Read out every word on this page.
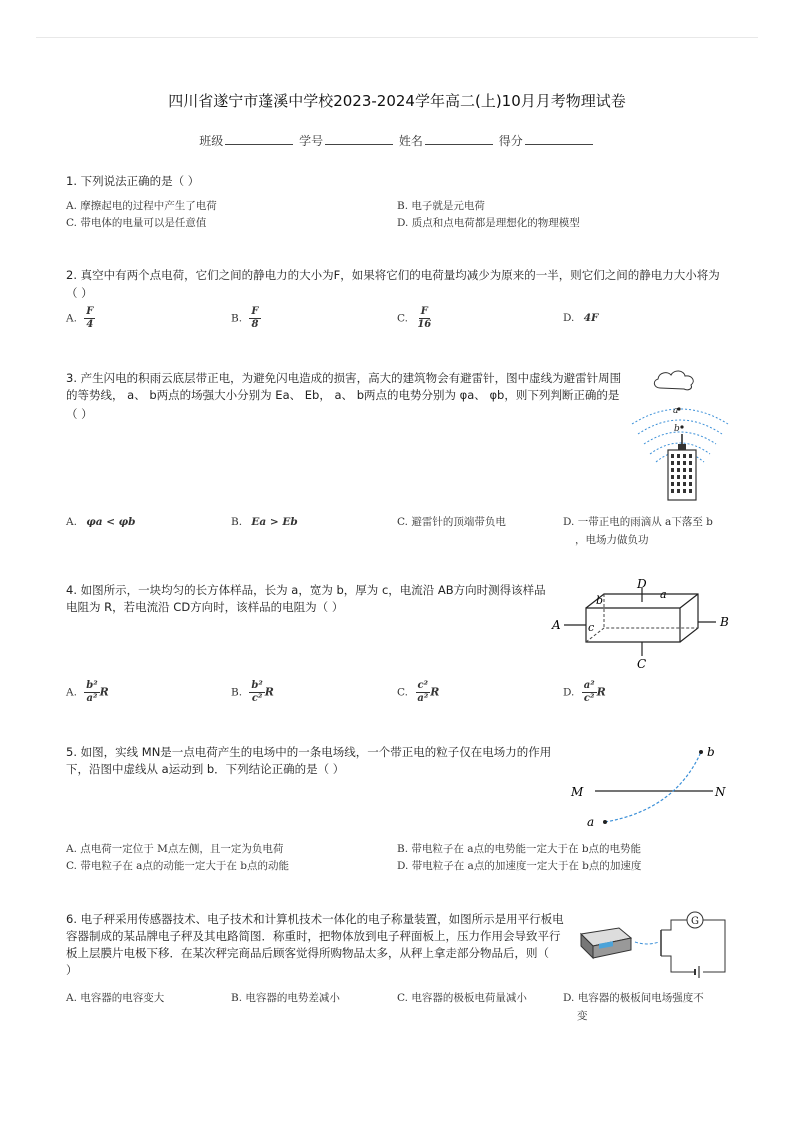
四川省遂宁市蓬溪中学校2023-2024学年高二(上)10月月考物理试卷
班级	学号	姓名	得分
1. 下列说法正确的是（ ）
A. 摩擦起电的过程中产生了电荷	B. 电子就是元电荷
C. 带电体的电量可以是任意值	D. 质点和点电荷都是理想化的物理模型
2. 真空中有两个点电荷，它们之间的静电力的大小为F，如果将它们的电荷量均减少为原来的一半，则它们之间的静电力大小将为
（ ）
A. $\frac{F}{4}$	B. $\frac{F}{8}$	C. $\frac{F}{16}$	D. 4F
3. 产生闪电的积雨云底层带正电，为避免闪电造成的损害，高大的建筑物会有避雷针，图中虚线为避雷针周围
的等势线， a、 b两点的场强大小分别为 Ea、 Eb， a、 b两点的电势分别为 φa、 φb，则下列判断正确的是（ ）	a
b
A. φa < φb	B. Ea > Eb	C. 避雷针的顶端带负电	D. 一带正电的雨滴从 a下落至 b
，电场力做负功
4. 如图所示，一块均匀的长方体样品，长为 a，宽为 b，厚为 c，电流沿 AB方向时测得该样品
电阻为 R，若电流沿 CD方向时，该样品的电阻为（ ）
A	B
D
C
a
b
c
A. $\frac{\text{b²}}{\text{a²}}$ R	B. $\frac{\text{b²}}{\text{c²}}$ R	C. $\frac{\text{c²}}{\text{a²}}$ R	D. $\frac{\text{a²}}{\text{c²}}$ R
5. 如图，实线 MN是一点电荷产生的电场中的一条电场线，一个带正电的粒子仅在电场力的作用
下，沿图中虚线从 a运动到 b．下列结论正确的是（ ）
M	N
a
b
A. 点电荷一定位于 M点左侧，且一定为负电荷	B. 带电粒子在 a点的电势能一定大于在 b点的电势能
C. 带电粒子在 a点的动能一定大于在 b点的动能	D. 带电粒子在 a点的加速度一定大于在 b点的加速度
6. 电子秤采用传感器技术、电子技术和计算机技术一体化的电子称量装置，如图所示是用平行板电
容器制成的某品牌电子秤及其电路简图．称重时，把物体放到电子秤面板上，压力作用会导致平行
板上层膜片电极下移．在某次秤完商品后顾客觉得所购物品太多，从秤上拿走部分物品后，则（
）
G
A. 电容器的电容变大	B. 电容器的电势差减小	C. 电容器的极板电荷量减小	D. 电容器的极板间电场强度不
变
